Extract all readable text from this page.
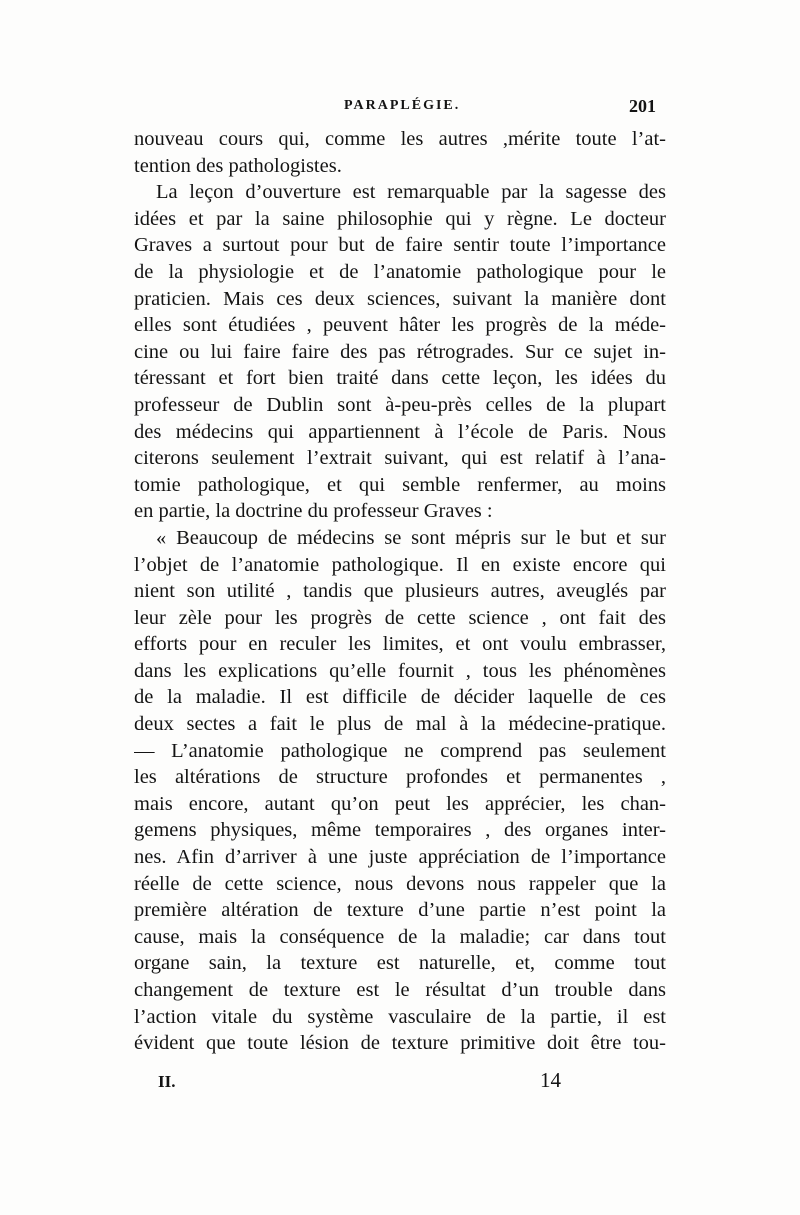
PARAPLÉGIE.	201
nouveau cours qui, comme les autres ,mérite toute l’at-
tention des pathologistes.
La leçon d’ouverture est remarquable par la sagesse des
idées et par la saine philosophie qui y règne. Le docteur
Graves a surtout pour but de faire sentir toute l’importance
de la physiologie et de l’anatomie pathologique pour le
praticien. Mais ces deux sciences, suivant la manière dont
elles sont étudiées , peuvent hâter les progrès de la méde-
cine ou lui faire faire des pas rétrogrades. Sur ce sujet in-
téressant et fort bien traité dans cette leçon, les idées du
professeur de Dublin sont à-peu-près celles de la plupart
des médecins qui appartiennent à l’école de Paris. Nous
citerons seulement l’extrait suivant, qui est relatif à l’ana-
tomie pathologique, et qui semble renfermer, au moins
en partie, la doctrine du professeur Graves :
« Beaucoup de médecins se sont mépris sur le but et sur
l’objet de l’anatomie pathologique. Il en existe encore qui
nient son utilité , tandis que plusieurs autres, aveuglés par
leur zèle pour les progrès de cette science , ont fait des
efforts pour en reculer les limites, et ont voulu embrasser,
dans les explications qu’elle fournit , tous les phénomènes
de la maladie. Il est difficile de décider laquelle de ces
deux sectes a fait le plus de mal à la médecine-pratique.
— L’anatomie pathologique ne comprend pas seulement
les altérations de structure profondes et permanentes ,
mais encore, autant qu’on peut les apprécier, les chan-
gemens physiques, même temporaires , des organes inter-
nes. Afin d’arriver à une juste appréciation de l’importance
réelle de cette science, nous devons nous rappeler que la
première altération de texture d’une partie n’est point la
cause, mais la conséquence de la maladie; car dans tout
organe sain, la texture est naturelle, et, comme tout
changement de texture est le résultat d’un trouble dans
l’action vitale du système vasculaire de la partie, il est
évident que toute lésion de texture primitive doit être tou-
II.	14
